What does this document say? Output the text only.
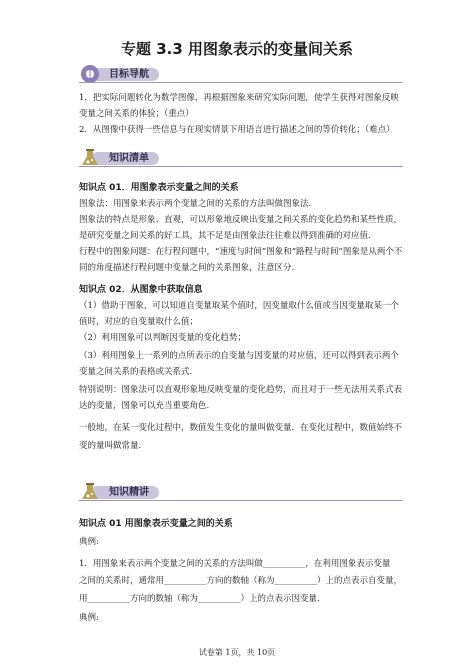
专题 3.3 用图象表示的变量间关系
目标导航
1．把实际问题转化为数学图像，再根据图象来研究实际问题，使学生获得对图象反映
变量之间关系的体验；（重点）
2．从图像中获得一些信息与在现实情景下用语言进行描述之间的等价转化；（难点）
知识清单
知识点 01．用图象表示变量之间的关系
图象法：用图象来表示两个变量之间的关系的方法叫做图象法.
图象法的特点是形象、直观，可以形象地反映出变量之间关系的变化趋势和某些性质，
是研究变量之间关系的好工具，其不足是由图象法往往难以得到准确的对应值.
行程中的图象问题：在行程问题中，“速度与时间”图象和“路程与时间”图象是从两个不
同的角度描述行程问题中变量之间的关系图象，注意区分.
知识点 02．从图象中获取信息
（1）借助于图象，可以知道自变量取某个值时，因变量取什么值或当因变量取某一个
值时，对应的自变量取什么值；
（2）利用图象可以判断因变量的变化趋势；
（3）利用图象上一系列的点所表示的自变量与因变量的对应值，还可以得到表示两个
变量之间关系的表格或关系式.
特别说明：图象法可以直观形象地反映变量的变化趋势，而且对于一些无法用关系式表
达的变量，图象可以充当重要角色.
一般地，在某一变化过程中，数值发生变化的量叫做变量．在变化过程中，数值始终不
变的量叫做常量.
知识精讲
知识点 01 用图象表示变量之间的关系
典例:
1．用图象来表示两个变量之间的关系的方法叫做__________，在利用图象表示变量
之间的关系时，通常用__________方向的数轴（称为__________）上的点表示自变量，
用__________方向的数轴（称为__________）上的点表示因变量.
典例:
试卷第 1页，共 10页
